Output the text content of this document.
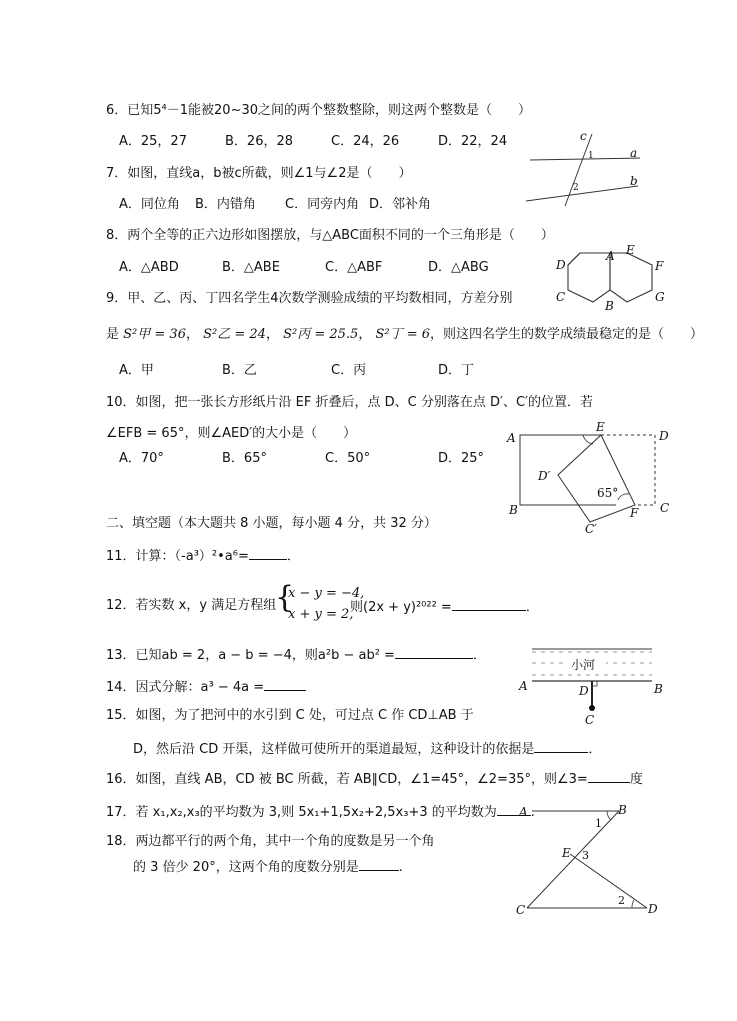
6．已知5⁴－1能被20~30之间的两个整数整除，则这两个整数是（　　）
A．25，27	B．26，28	C．24，26	D．22，24
7．如图，直线a，b被c所截，则∠1与∠2是（　　）
A．同位角 B．内错角 C．同旁内角 D．邻补角
c
1	a
2	b
8．两个全等的正六边形如图摆放，与△ABC面积不同的一个三角形是（　　）
A．△ABD	B．△ABE	C．△ABF	D．△ABG	D
A E
F
C	G
B
9．甲、乙、丙、丁四名学生4次数学测验成绩的平均数相同，方差分别
是 S²甲 = 36， S²乙 = 24， S²丙 = 25.5， S²丁 = 6，则这四名学生的数学成绩最稳定的是（　　）
A．甲	B．乙	C．丙	D．丁
10．如图，把一张长方形纸片沿 EF 折叠后，点 D、C 分别落在点 D′、C′的位置．若
∠EFB = 65°，则∠AED′的大小是（　　）
A．70°	B．65°	C．50°	D．25°
A
E
D
D′
65°
B	F C
C′
二、填空题（本大题共 8 小题，每小题 4 分，共 32 分）
11．计算：（-a³）²•a⁶=	．
12．若实数 x，y 满足方程组
{
x − y = −4,
x + y = 2,
则(2x + y)²⁰²² =	．
13．已知ab = 2，a − b = −4，则a²b − ab² =	．
14．因式分解：a³ − 4a =
15．如图，为了把河中的水引到 C 处，可过点 C 作 CD⊥AB 于
D，然后沿 CD 开渠，这样做可使所开的渠道最短，这种设计的依据是	．
小河
A	D	B
C
16．如图，直线 AB，CD 被 BC 所截，若 AB∥CD，∠1=45°，∠2=35°，则∠3=	度
17．若 x₁,x₂,x₃的平均数为 3,则 5x₁+1,5x₂+2,5x₃+3 的平均数为	.
18．两边都平行的两个角，其中一个角的度数是另一个角
的 3 倍少 20°，这两个角的度数分别是	.
A	B
1
E 3
C
2
D
